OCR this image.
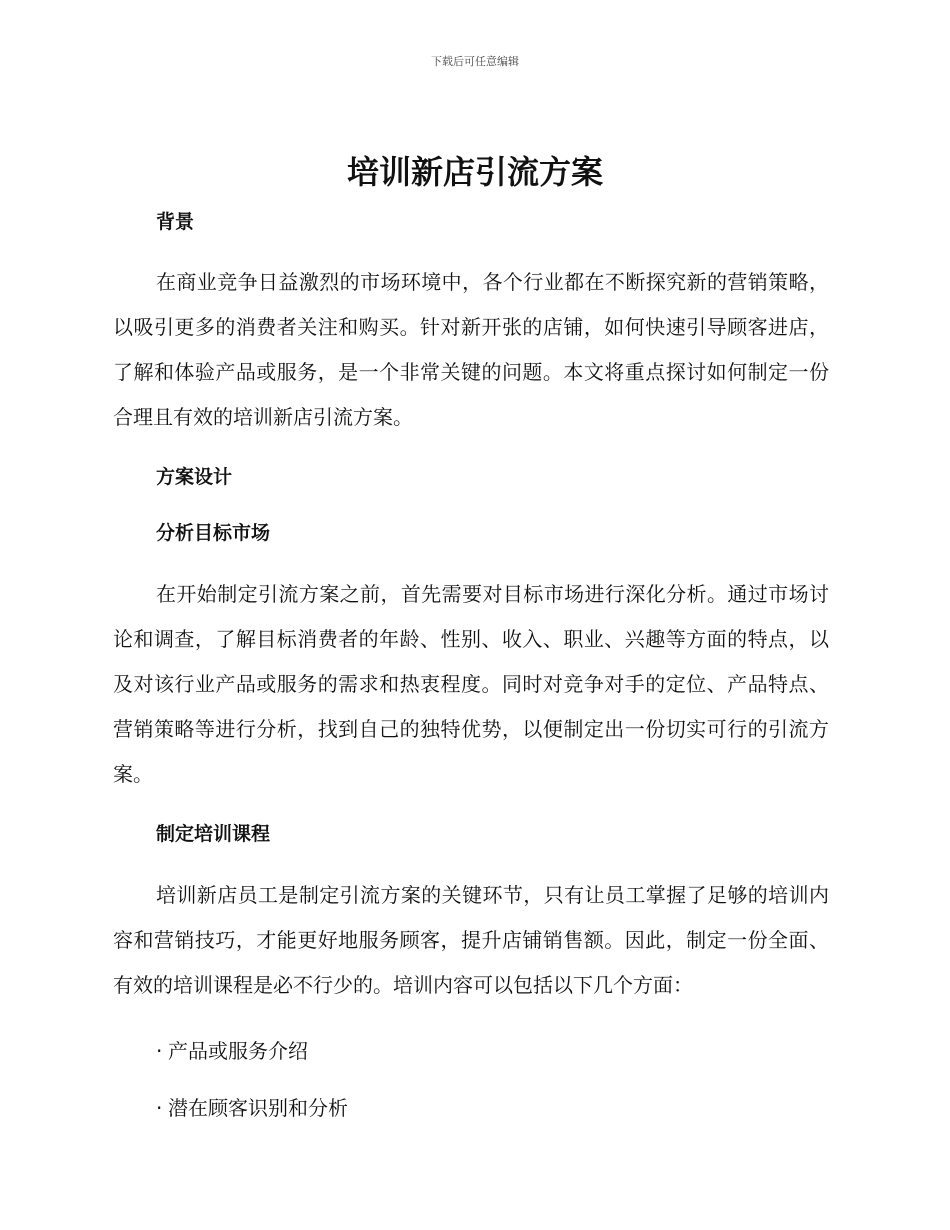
下载后可任意编辑
培训新店引流方案

背景

在商业竞争日益激烈的市场环境中，各个行业都在不断探究新的营销策略，以吸引更多的消费者关注和购买。针对新开张的店铺，如何快速引导顾客进店，了解和体验产品或服务，是一个非常关键的问题。本文将重点探讨如何制定一份合理且有效的培训新店引流方案。

方案设计

分析目标市场

在开始制定引流方案之前，首先需要对目标市场进行深化分析。通过市场讨论和调查，了解目标消费者的年龄、性别、收入、职业、兴趣等方面的特点，以及对该行业产品或服务的需求和热衷程度。同时对竞争对手的定位、产品特点、营销策略等进行分析，找到自己的独特优势，以便制定出一份切实可行的引流方案。

制定培训课程

培训新店员工是制定引流方案的关键环节，只有让员工掌握了足够的培训内容和营销技巧，才能更好地服务顾客，提升店铺销售额。因此，制定一份全面、有效的培训课程是必不行少的。培训内容可以包括以下几个方面：

· 产品或服务介绍

· 潜在顾客识别和分析
